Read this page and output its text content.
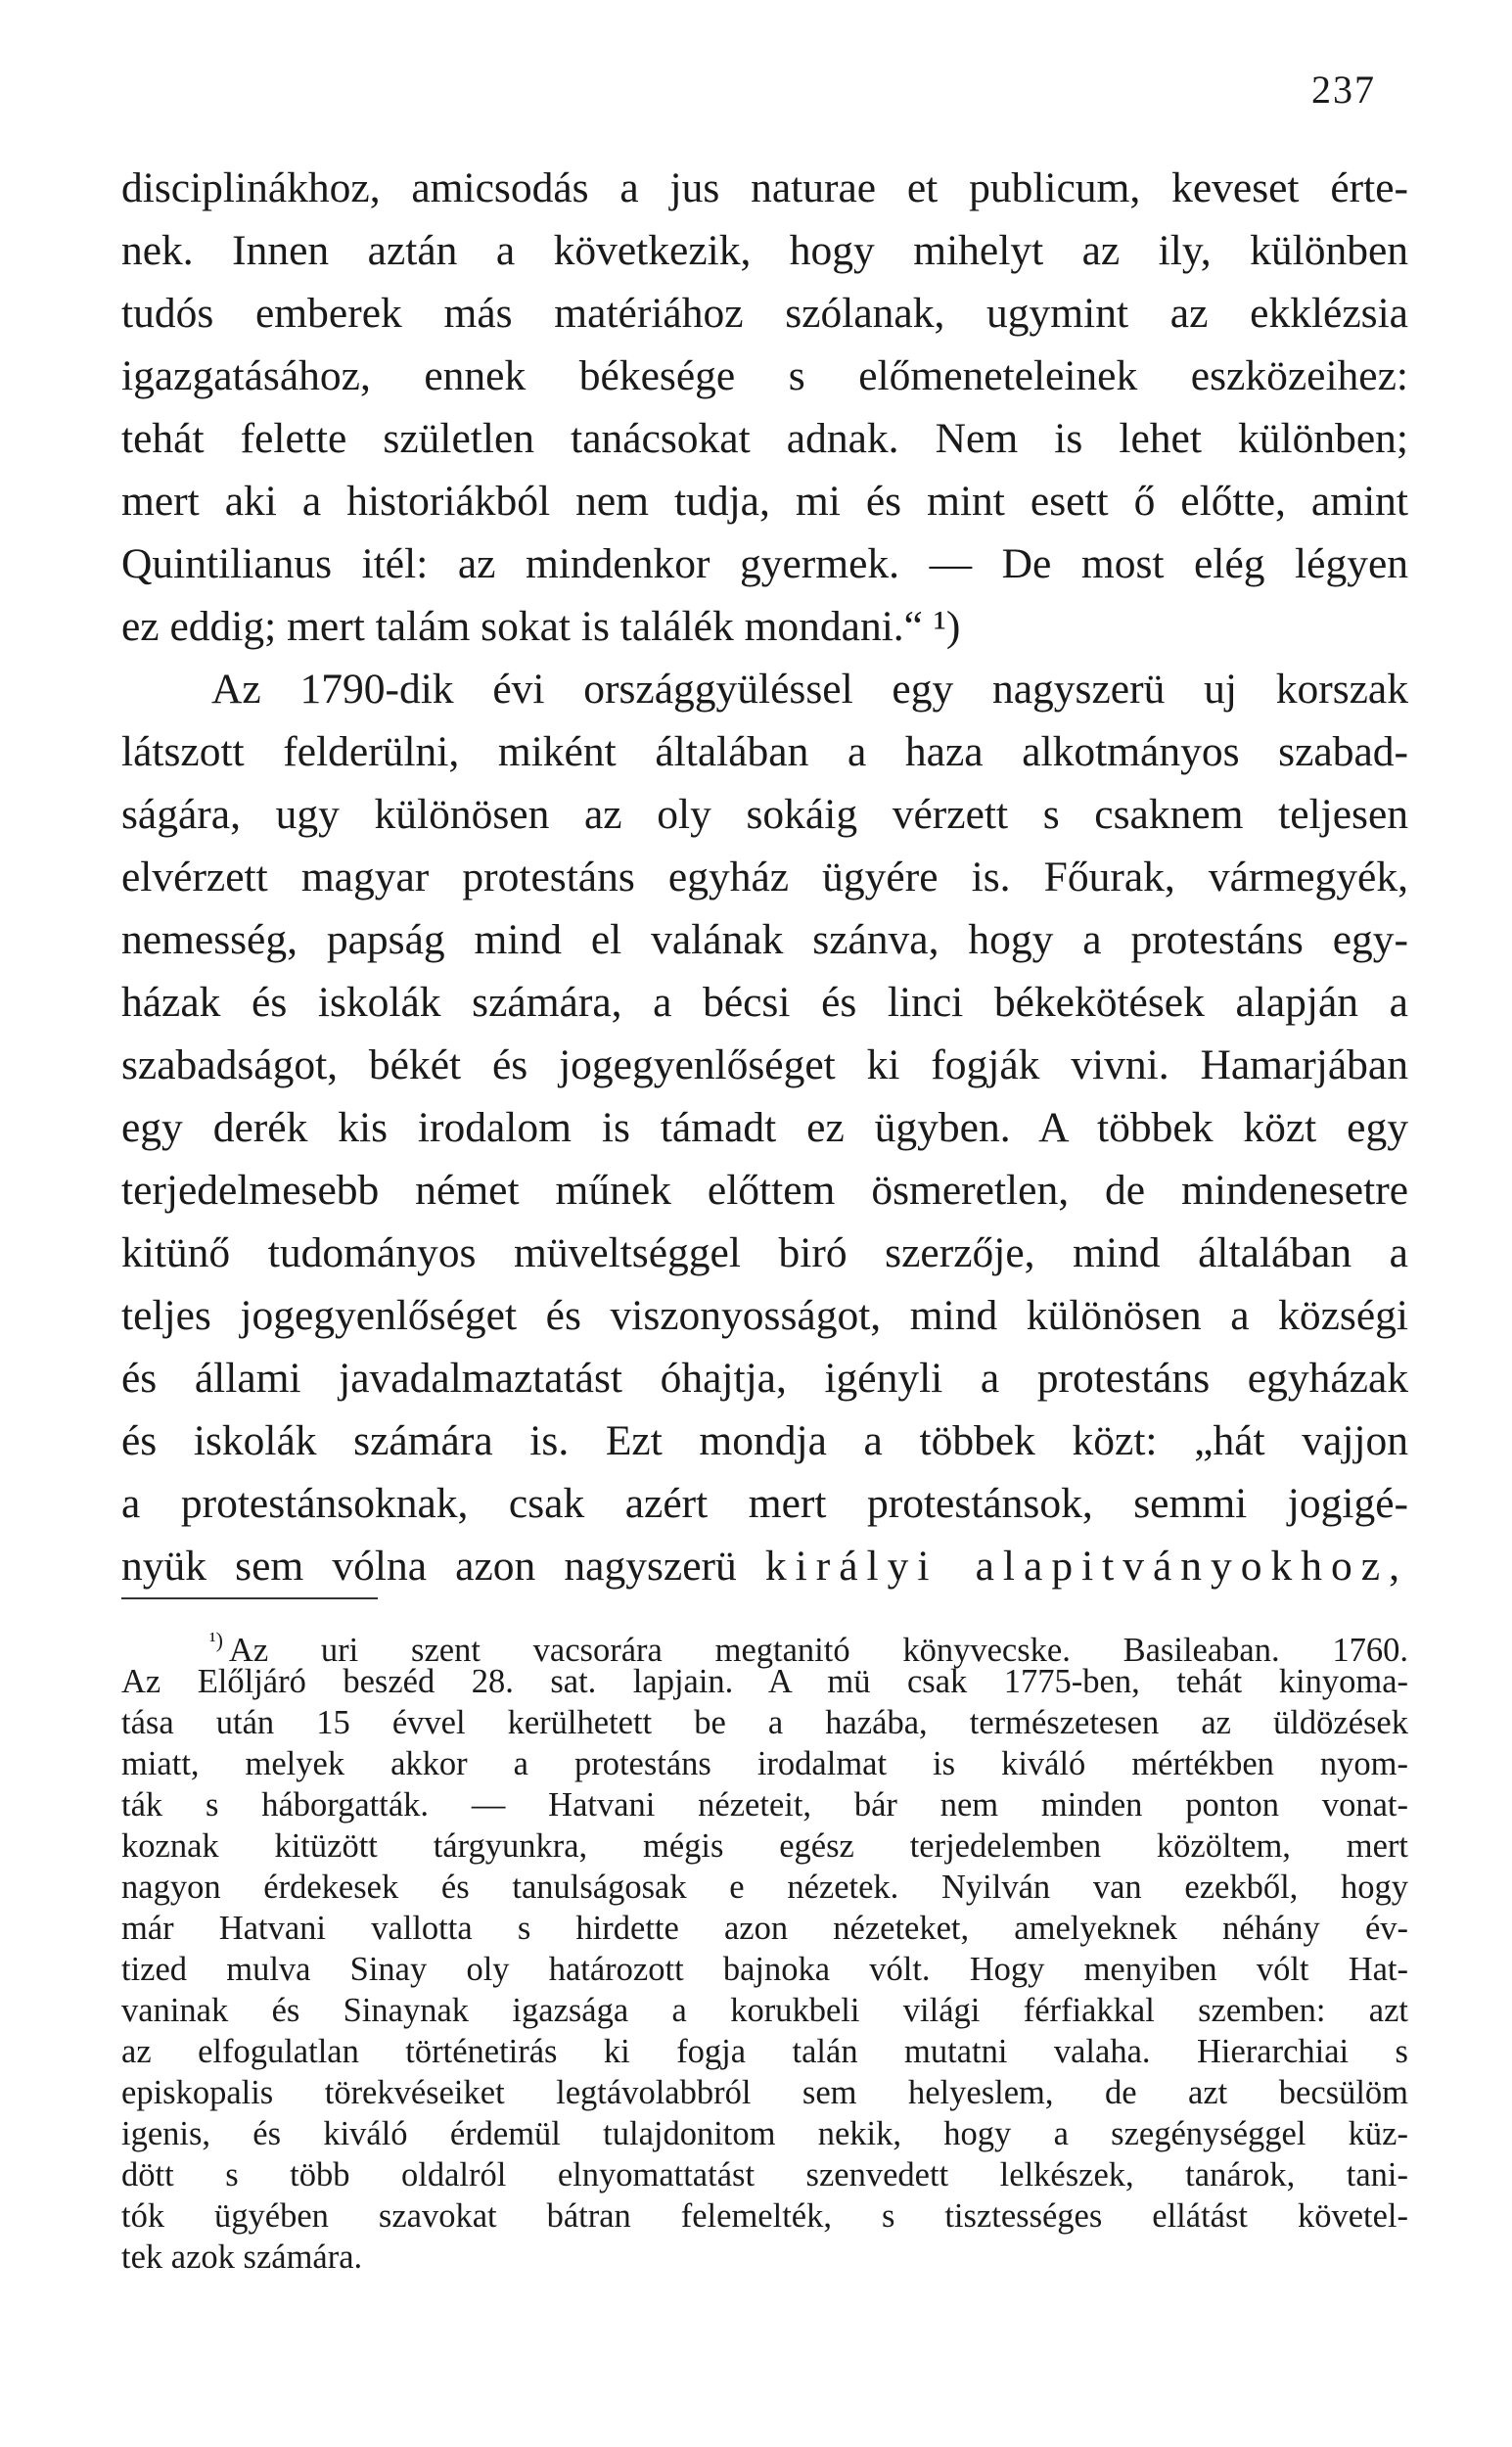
237
disciplinákhoz, amicsodás a jus naturae et publicum, keveset érte-
nek. Innen aztán a következik, hogy mihelyt az ily, különben
tudós emberek más matériához szólanak, ugymint az ekklézsia
igazgatásához, ennek békesége s előmeneteleinek eszközeihez:
tehát felette születlen tanácsokat adnak. Nem is lehet különben;
mert aki a historiákból nem tudja, mi és mint esett ő előtte, amint
Quintilianus itél: az mindenkor gyermek. — De most elég légyen
ez eddig; mert talám sokat is találék mondani.“ ¹)
Az 1790-dik évi országgyüléssel egy nagyszerü uj korszak
látszott felderülni, miként általában a haza alkotmányos szabad-
ságára, ugy különösen az oly sokáig vérzett s csaknem teljesen
elvérzett magyar protestáns egyház ügyére is. Főurak, vármegyék,
nemesség, papság mind el valának szánva, hogy a protestáns egy-
házak és iskolák számára, a bécsi és linci békekötések alapján a
szabadságot, békét és jogegyenlőséget ki fogják vivni. Hamarjában
egy derék kis irodalom is támadt ez ügyben. A többek közt egy
terjedelmesebb német műnek előttem ösmeretlen, de mindenesetre
kitünő tudományos müveltséggel biró szerzője, mind általában a
teljes jogegyenlőséget és viszonyosságot, mind különösen a községi
és állami javadalmaztatást óhajtja, igényli a protestáns egyházak
és iskolák számára is. Ezt mondja a többek közt: „hát vajjon
a protestánsoknak, csak azért mert protestánsok, semmi jogigé-
nyük sem vólna azon nagyszerü királyi alapitványokhoz,
$^{^1)}$ Az uri szent vacsorára megtanitó könyvecske. Basileaban. 1760.
Az Előljáró beszéd 28. sat. lapjain. A mü csak 1775-ben, tehát kinyoma-
tása után 15 évvel kerülhetett be a hazába, természetesen az üldözések
miatt, melyek akkor a protestáns irodalmat is kiváló mértékben nyom-
ták s háborgatták. — Hatvani nézeteit, bár nem minden ponton vonat-
koznak kitüzött tárgyunkra, mégis egész terjedelemben közöltem, mert
nagyon érdekesek és tanulságosak e nézetek. Nyilván van ezekből, hogy
már Hatvani vallotta s hirdette azon nézeteket, amelyeknek néhány év-
tized mulva Sinay oly határozott bajnoka vólt. Hogy menyiben vólt Hat-
vaninak és Sinaynak igazsága a korukbeli világi férfiakkal szemben: azt
az elfogulatlan történetirás ki fogja talán mutatni valaha. Hierarchiai s
episkopalis törekvéseiket legtávolabbról sem helyeslem, de azt becsülöm
igenis, és kiváló érdemül tulajdonitom nekik, hogy a szegénységgel küz-
dött s több oldalról elnyomattatást szenvedett lelkészek, tanárok, tani-
tók ügyében szavokat bátran felemelték, s tisztességes ellátást követel-
tek azok számára.
